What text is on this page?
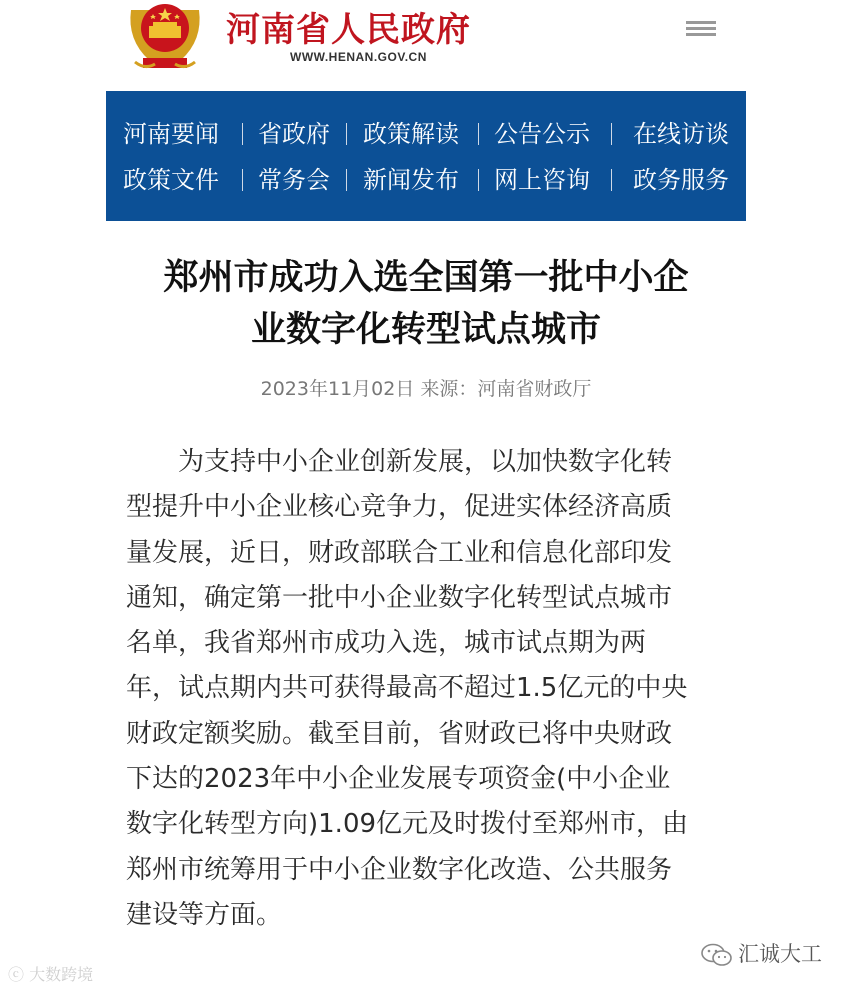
河南省人民政府
WWW.HENAN.GOV.CN
河南要闻 省政府 政策解读 公告公示 在线访谈
政策文件 常务会 新闻发布 网上咨询 政务服务
郑州市成功入选全国第一批中小企
业数字化转型试点城市
2023年11月02日 来源：河南省财政厅
　　为支持中小企业创新发展，以加快数字化转
型提升中小企业核心竞争力，促进实体经济高质
量发展，近日，财政部联合工业和信息化部印发
通知，确定第一批中小企业数字化转型试点城市
名单，我省郑州市成功入选，城市试点期为两
年，试点期内共可获得最高不超过1.5亿元的中央
财政定额奖励。截至目前，省财政已将中央财政
下达的2023年中小企业发展专项资金(中小企业
数字化转型方向)1.09亿元及时拨付至郑州市，由
郑州市统筹用于中小企业数字化改造、公共服务
建设等方面。
ⓒ 大数跨境
汇诚大工
